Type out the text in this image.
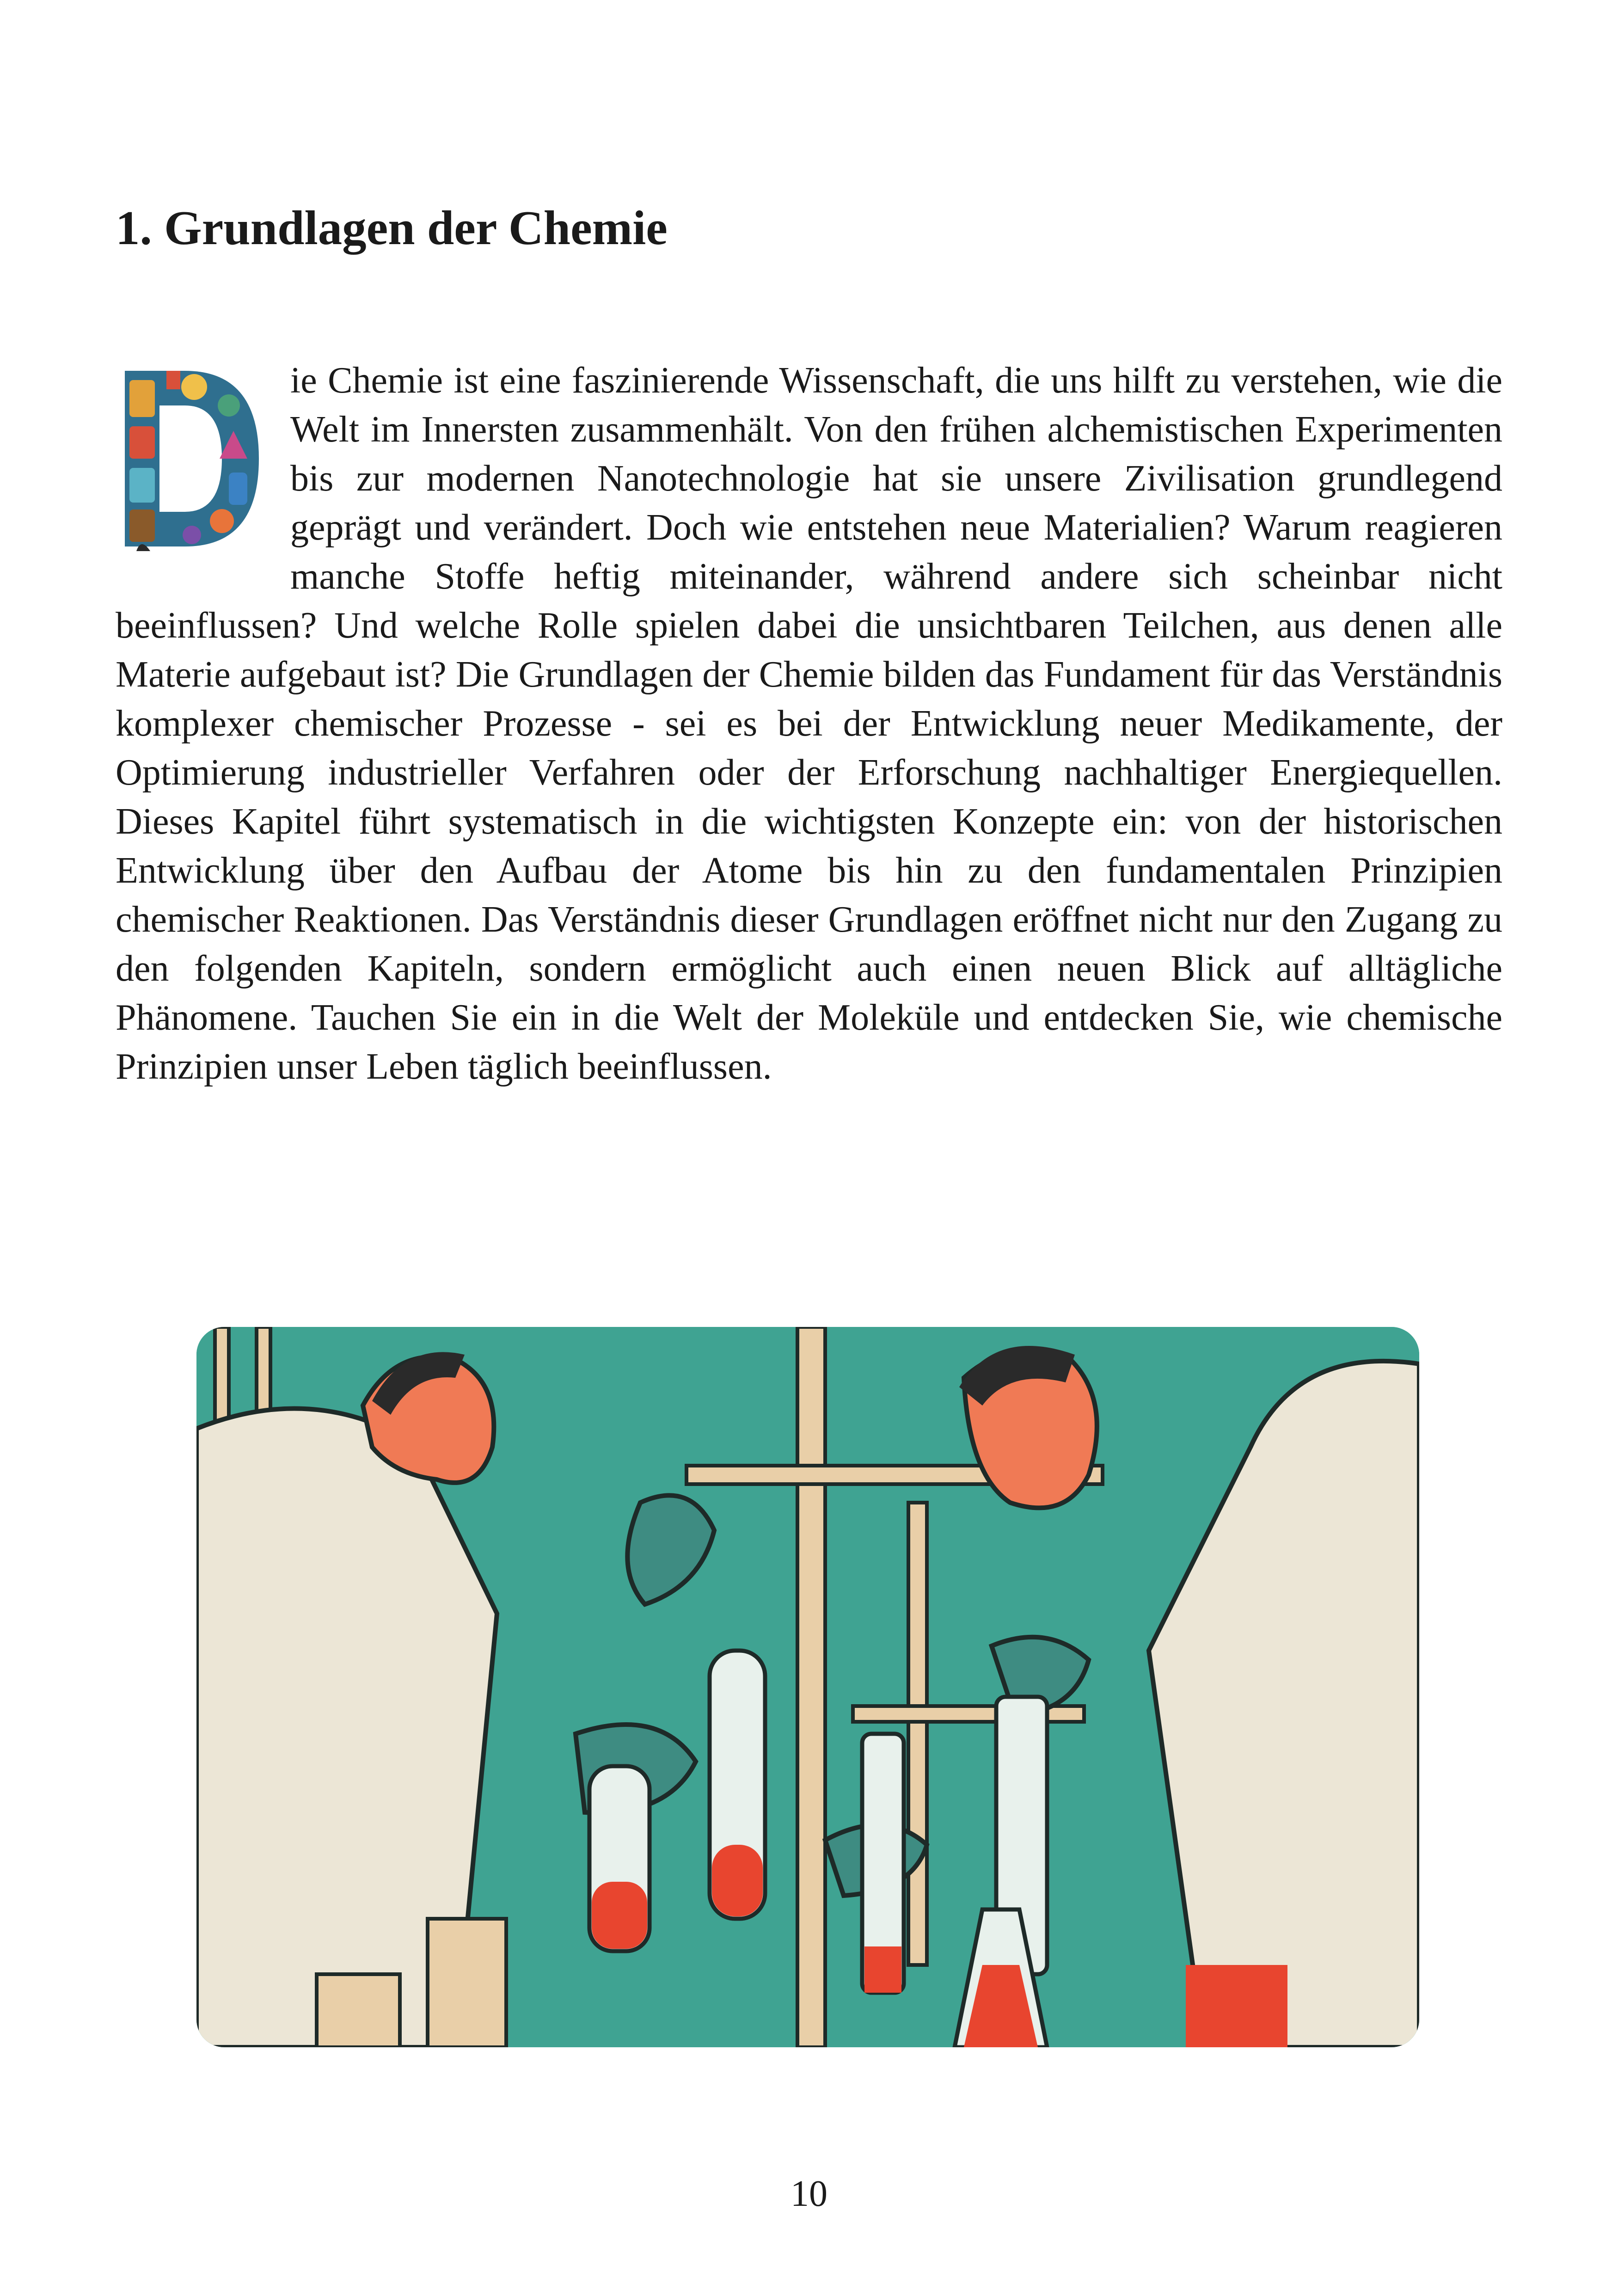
1. Grundlagen der Chemie
ie Chemie ist eine faszinierende Wissenschaft, die uns hilft zu verstehen, wie die Welt im Innersten zusammenhält. Von den frühen alchemistischen Experimenten bis zur modernen Nanotechnologie hat sie unsere Zivilisation grundlegend geprägt und verändert. Doch wie entstehen neue Materialien? Warum reagieren manche Stoffe heftig miteinander, während andere sich scheinbar nicht beeinflussen? Und welche Rolle spielen dabei die unsichtbaren Teilchen, aus denen alle Materie aufgebaut ist? Die Grundlagen der Chemie bilden das Fundament für das Verständnis komplexer chemischer Prozesse - sei es bei der Entwicklung neuer Medikamente, der Optimierung industrieller Verfahren oder der Erforschung nachhaltiger Energiequellen. Dieses Kapitel führt systematisch in die wichtigsten Konzepte ein: von der historischen Entwicklung über den Aufbau der Atome bis hin zu den fundamentalen Prinzipien chemischer Reaktionen. Das Verständnis dieser Grundlagen eröffnet nicht nur den Zugang zu den folgenden Kapiteln, sondern ermöglicht auch einen neuen Blick auf alltägliche Phänomene. Tauchen Sie ein in die Welt der Moleküle und entdecken Sie, wie chemische Prinzipien unser Leben täglich beeinflussen.

10
